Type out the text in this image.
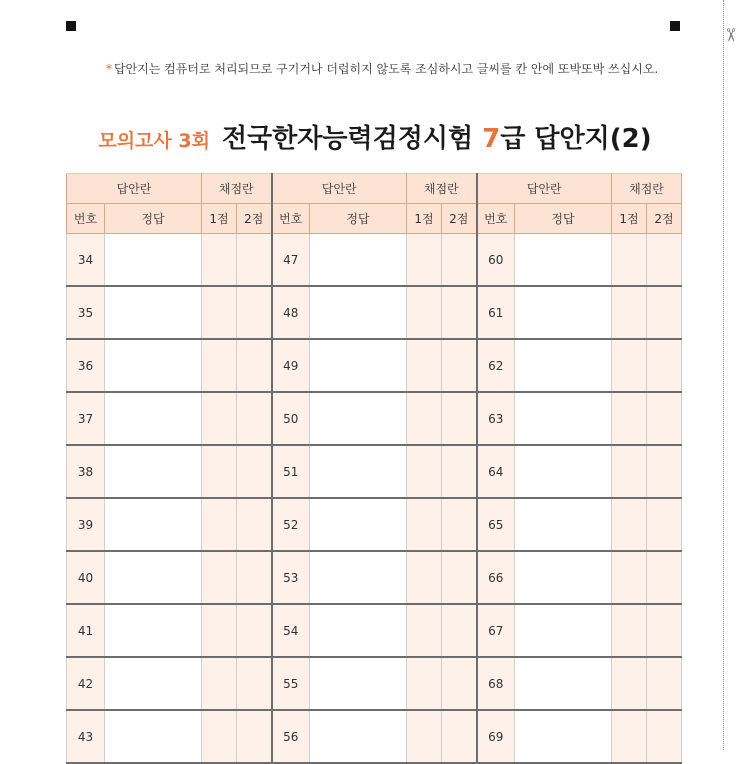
✂
* 답안지는 컴퓨터로 처리되므로 구기거나 더럽히지 않도록 조심하시고 글씨를 칸 안에 또박또박 쓰십시오.
모의고사 3회 전국한자능력검정시험 7급 답안지(2)
답안란		채점란		답안란		채점란		답안란		채점란	
번호	정답	1점	2점	번호	정답	1점	2점	번호	정답	1점	2점
34				47				60			
35				48				61			
36				49				62			
37				50				63			
38				51				64			
39				52				65			
40				53				66			
41				54				67			
42				55				68			
43				56				69			
